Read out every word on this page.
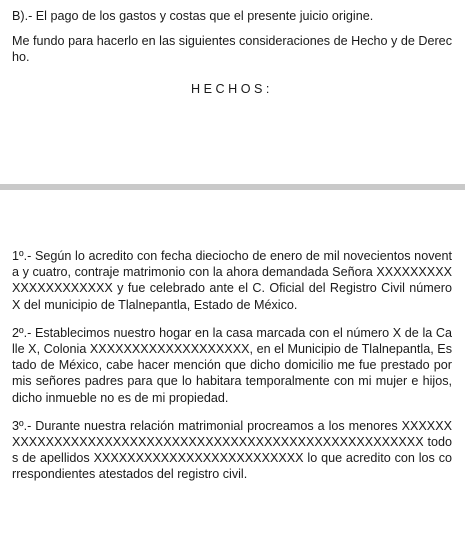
B).- El pago de los gastos y costas que el presente juicio origine.

Me fundo para hacerlo en las siguientes consideraciones de Hecho y de Derecho.

HECHOS:

1º.- Según lo acredito con fecha dieciocho de enero de mil novecientos noventa y cuatro, contraje matrimonio con la ahora demandada Señora XXXXXXXXXXXXXXXXXXXXX y fue celebrado ante el C. Oficial del Registro Civil número X del municipio de Tlalnepantla, Estado de México.

2º.- Establecimos nuestro hogar en la casa marcada con el número X de la Calle X, Colonia XXXXXXXXXXXXXXXXXXX, en el Municipio de Tlalnepantla, Estado de México, cabe hacer mención que dicho domicilio me fue prestado por mis señores padres para que lo habitara temporalmente con mi mujer e hijos, dicho inmueble no es de mi propiedad.

3º.- Durante nuestra relación matrimonial procreamos a los menores XXXXXXXXXXXXXXXXXXXXXXXXXXXXXXXXXXXXXXXXXXXXXXXXXXXXXXX todos de apellidos XXXXXXXXXXXXXXXXXXXXXXXXX lo que acredito con los correspondientes atestados del registro civil.
